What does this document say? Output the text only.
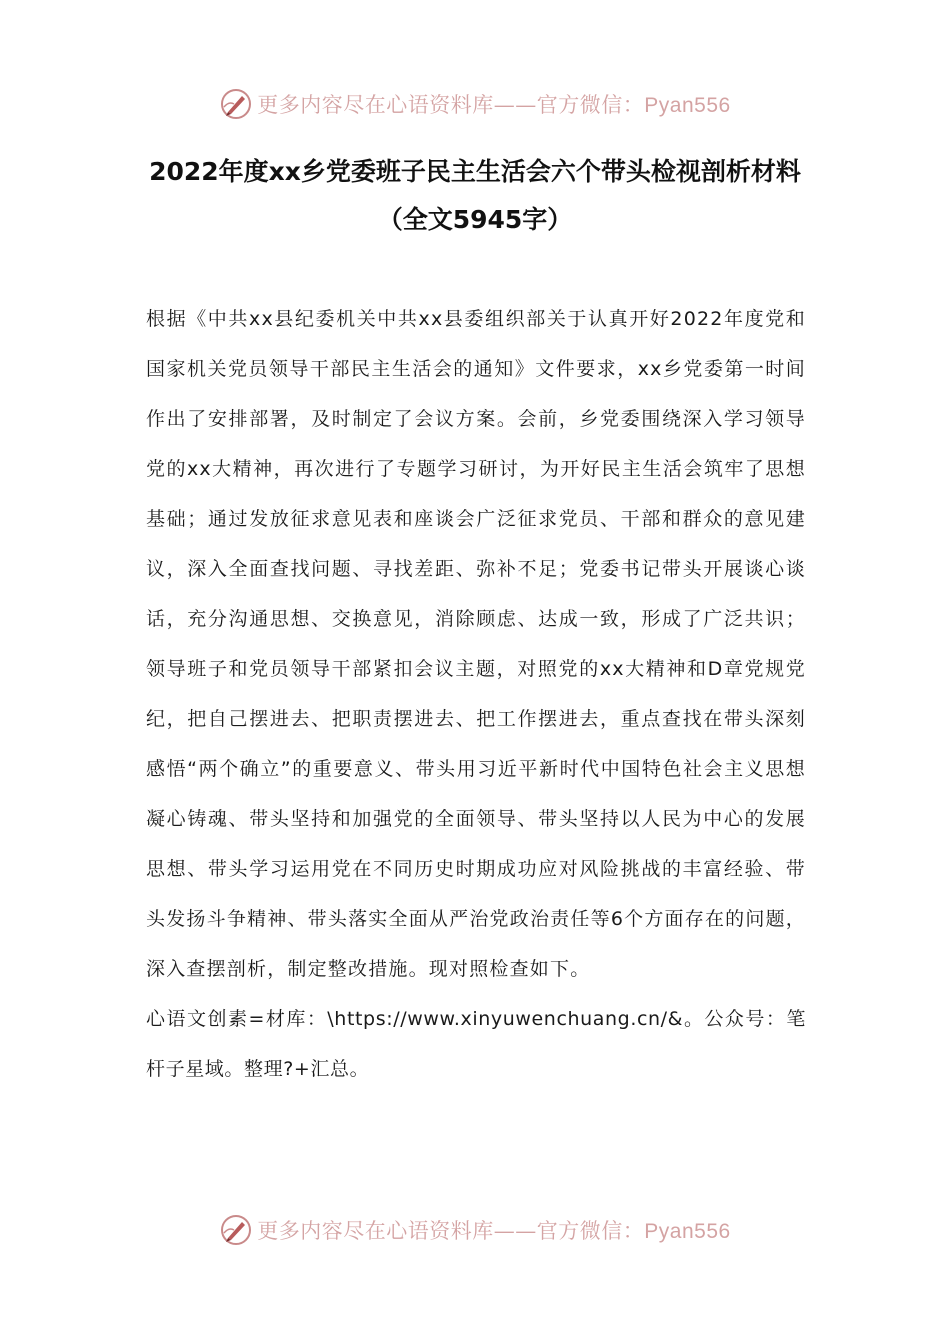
更多内容尽在心语资料库——官方微信：Pyan556
2022年度xx乡党委班子民主生活会六个带头检视剖析材料
（全文5945字）

根据《中共xx县纪委机关中共xx县委组织部关于认真开好2022年度党和国家机关党员领导干部民主生活会的通知》文件要求，xx乡党委第一时间作出了安排部署，及时制定了会议方案。会前，乡党委围绕深入学习领导党的xx大精神，再次进行了专题学习研讨，为开好民主生活会筑牢了思想基础；通过发放征求意见表和座谈会广泛征求党员、干部和群众的意见建议，深入全面查找问题、寻找差距、弥补不足；党委书记带头开展谈心谈话，充分沟通思想、交换意见，消除顾虑、达成一致，形成了广泛共识；领导班子和党员领导干部紧扣会议主题，对照党的xx大精神和D章党规党纪，把自己摆进去、把职责摆进去、把工作摆进去，重点查找在带头深刻感悟“两个确立”的重要意义、带头用习近平新时代中国特色社会主义思想凝心铸魂、带头坚持和加强党的全面领导、带头坚持以人民为中心的发展思想、带头学习运用党在不同历史时期成功应对风险挑战的丰富经验、带头发扬斗争精神、带头落实全面从严治党政治责任等6个方面存在的问题，深入查摆剖析，制定整改措施。现对照检查如下。

心语文创素=材库：\https://www.xinyuwenchuang.cn/&。公众号：笔杆子星域。整理?+汇总。

更多内容尽在心语资料库——官方微信：Pyan556
